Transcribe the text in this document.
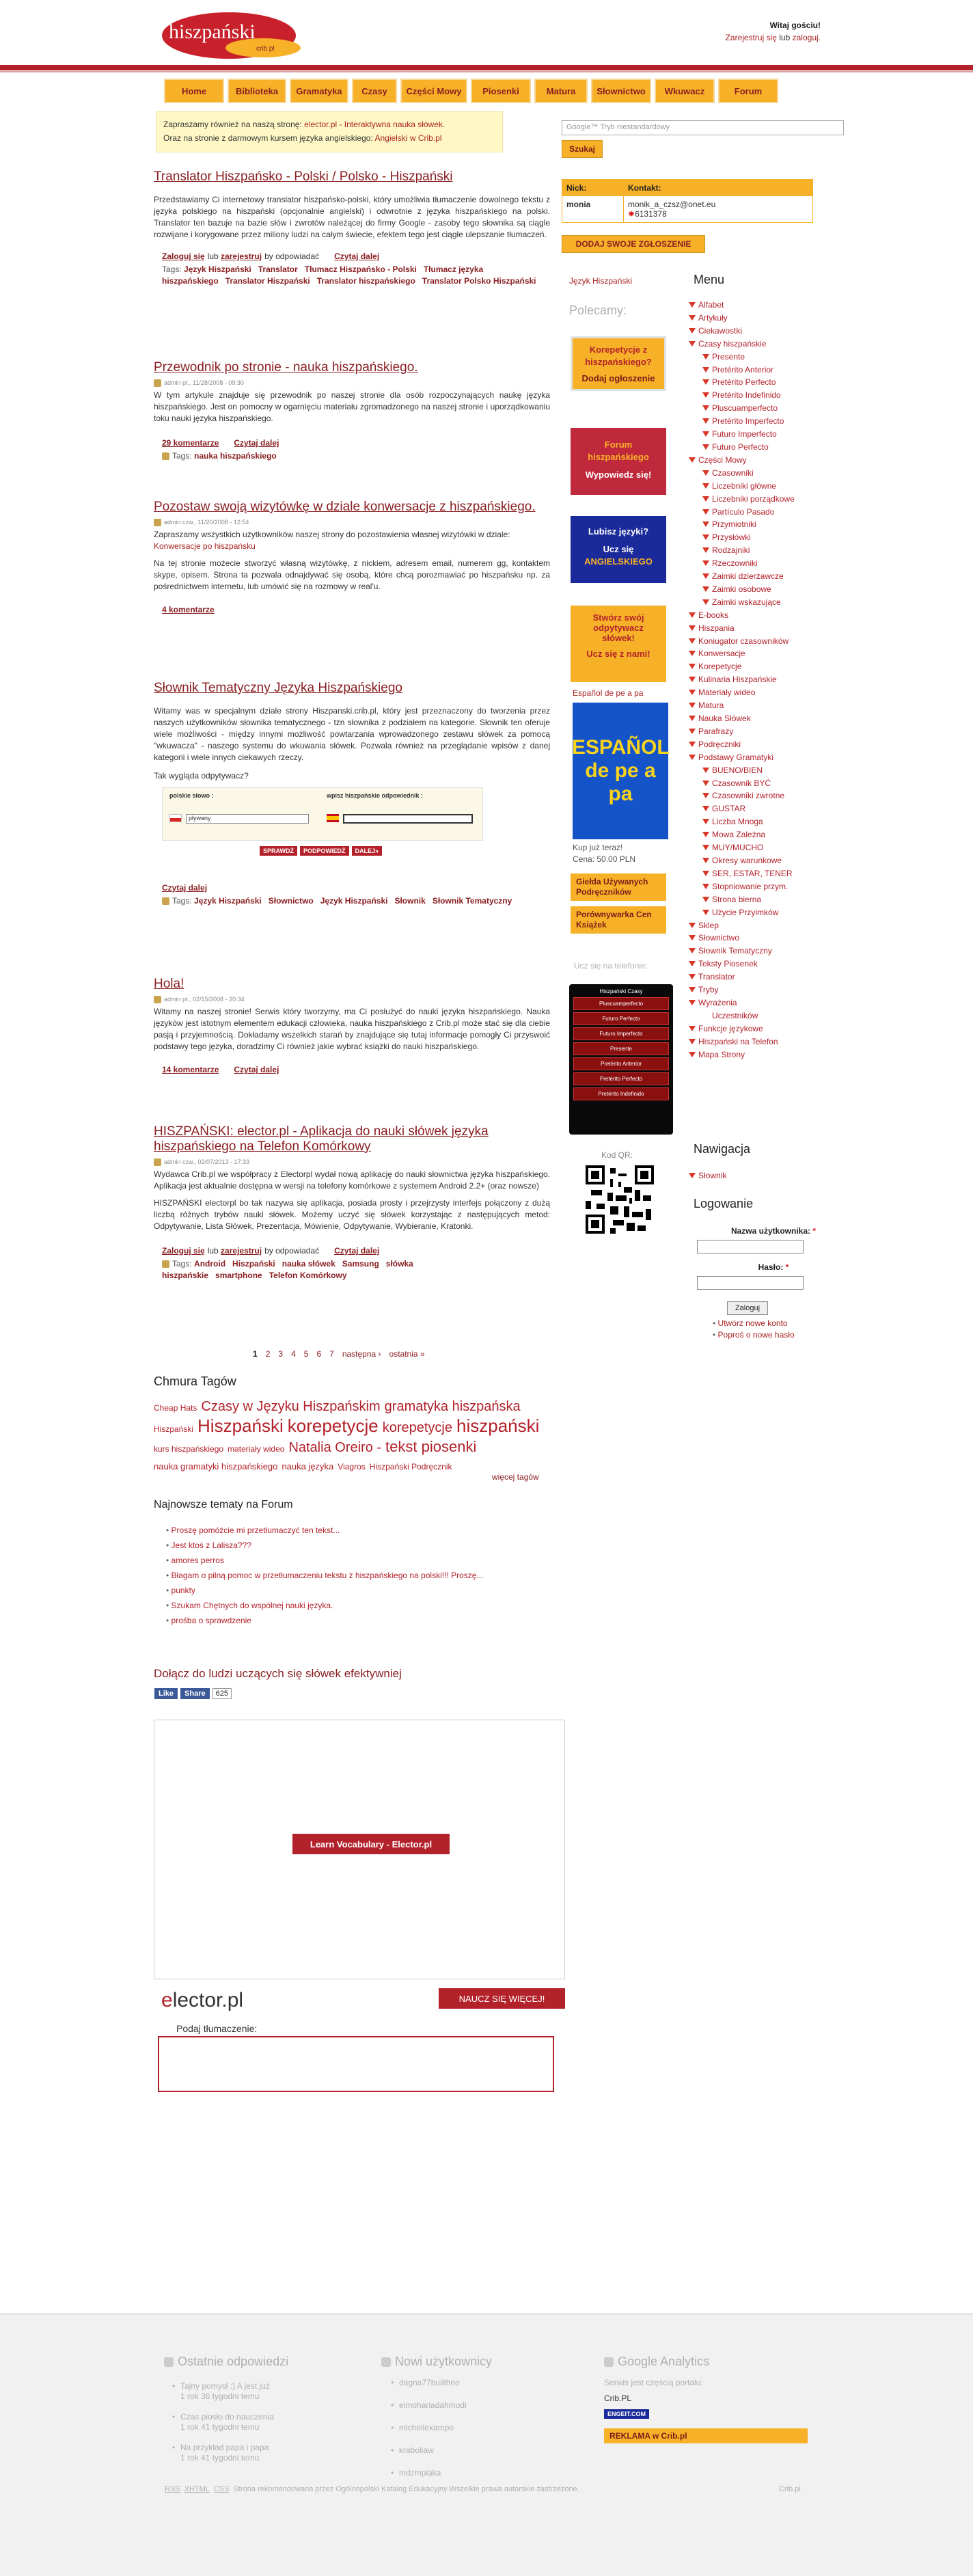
hiszpański
crib.pl
Witaj gościu!
Zarejestruj się lub zaloguj.
Home	Biblioteka	Gramatyka	Czasy	Części Mowy	Piosenki	Matura	Słownictwo	Wkuwacz	Forum
Zapraszamy również na naszą stronę: elector.pl - Interaktywna nauka słówek.
Oraz na stronie z darmowym kursem języka angielskiego: Angielski w Crib.pl
Google™ Tryb niestandardowy
Szukaj
Nick:	Kontakt:
monia	monik_a_czsz@onet.eu
✸6131378
DODAJ SWOJE ZGŁOSZENIE
Translator Hiszpańsko - Polski / Polsko - Hiszpański

Przedstawiamy Ci internetowy translator hiszpańsko-polski, który umożliwia tłumaczenie dowolnego tekstu z języka polskiego na hiszpański (opcjonalnie angielski) i odwrotnie z języka hiszpańskiego na polski. Translator ten bazuje na bazie słów i zwrotów należącej do firmy Google - zasoby tego słownika są ciągle rozwijane i korygowane przez miliony ludzi na całym świecie, efektem tego jest ciągłe ulepszanie tłumaczeń.

Zaloguj się lub zarejestruj by odpowiadać Czytaj dalej
Tags: Język Hiszpański Translator Tłumacz Hiszpańsko - Polski Tłumacz języka hiszpańskiego Translator Hiszpański Translator hiszpańskiego Translator Polsko Hiszpański
Przewodnik po stronie - nauka hiszpańskiego.
admin pt., 11/28/2008 - 09:30

W tym artykule znajduje się przewodnik po naszej stronie dla osób rozpoczynających naukę języka hiszpańskiego. Jest on pomocny w ogarnięciu materiału zgromadzonego na naszej stronie i uporządkowaniu toku nauki języka hiszpańskiego.

29 komentarze Czytaj dalej
Tags: nauka hiszpańskiego
Pozostaw swoją wizytówkę w dziale konwersacje z hiszpańskiego.
admin czw., 11/20/2008 - 12:54

Zapraszamy wszystkich użytkowników naszej strony do pozostawienia własnej wizytówki w dziale:

Konwersacje po hiszpańsku

Na tej stronie możecie stworzyć własną wizytówkę, z nickiem, adresem email, numerem gg, kontaktem skype, opisem. Strona ta pozwala odnajdywać się osobą, które chcą porozmawiać po hiszpańsku np. za pośrednictwem internetu, lub umówić się na rozmowy w real'u.

4 komentarze
Słownik Tematyczny Języka Hiszpańskiego

Witamy was w specjalnym dziale strony Hiszpanski.crib.pl, który jest przeznaczony do tworzenia przez naszych użytkowników słownika tematycznego - tzn słownika z podziałem na kategorie. Słownik ten oferuje wiele możliwości - między innymi możliwość powtarzania wprowadzonego zestawu słówek za pomocą "wkuwacza" - naszego systemu do wkuwania słówek. Pozwala również na przeglądanie wpisów z danej kategorii i wiele innych ciekawych rzeczy.

Tak wygląda odpytywacz?

polskie słowo :	wpisz hiszpańskie odpowiednik :
pływany
SPRAWDŹ	PODPOWIEDŹ	DALEJ»
Czytaj dalej
Tags: Język Hiszpański Słownictwo Język Hiszpański Słownik Słownik Tematyczny
Hola!
admin pt., 02/15/2008 - 20:34

Witamy na naszej stronie! Serwis który tworzymy, ma Ci posłużyć do nauki języka hiszpańskiego. Nauka języków jest istotnym elementem edukacji człowieka, nauka hiszpańskiego z Crib.pl może stać się dla ciebie pasją i przyjemnością. Dokładamy wszelkich starań by znajdujące się tutaj informacje pomogły Ci przyswoić podstawy tego języka, doradzimy Ci również jakie wybrać książki do nauki hiszpańskiego.

14 komentarze Czytaj dalej
HISZPAŃSKI: elector.pl - Aplikacja do nauki słówek języka hiszpańskiego na Telefon Komórkowy
admin czw., 02/07/2013 - 17:33

Wydawca Crib.pl we współpracy z Electorpl wydał nową aplikację do nauki słownictwa języka hiszpańskiego. Aplikacja jest aktualnie dostępna w wersji na telefony komórkowe z systemem Android 2.2+ (oraz nowsze)

HISZPAŃSKI electorpl bo tak nazywa się aplikacja, posiada prosty i przejrzysty interfejs połączony z dużą liczbą różnych trybów nauki słówek. Możemy uczyć się słówek korzystając z następujących metod: Odpytywanie, Lista Słówek, Prezentacja, Mówienie, Odpytywanie, Wybieranie, Kratonki.

Zaloguj się lub zarejestruj by odpowiadać Czytaj dalej
Tags: Android Hiszpański nauka słówek Samsung słówka hiszpańskie smartphone Telefon Komórkowy
1 2 3 4 5 6 7 następna › ostatnia »
Chmura Tagów
Cheap Hats Czasy w Języku Hiszpańskim gramatyka hiszpańskaHiszpański Hiszpański korepetycje korepetycje hiszpańskikurs hiszpańskiego materiały wideo Natalia Oreiro - tekst piosenkinauka gramatyki hiszpańskiego nauka języka Viagros Hiszpański Podręcznik
więcej tagów
Najnowsze tematy na Forum
• Proszę pomóżcie mi przetłumaczyć ten tekst...
• Jest ktoś z Lalisza???
• amores perros
• Błagam o pilną pomoc w przetłumaczeniu tekstu z hiszpańskiego na polski!!! Proszę...
• punkty
• Szukam Chętnych do wspólnej nauki języka.
• prośba o sprawdzenie
Dołącz do ludzi uczących się słówek efektywniej
Like	Share	625
Learn Vocabulary - Elector.pl
elector.pl	NAUCZ SIĘ WIĘCEJ!
Podaj tłumaczenie:
Język Hiszpański
Polecamy:
Korepetycje z hiszpańskiego?
Dodaj ogłoszenie
Forum hiszpańskiego
Wypowiedz się!
Lubisz języki?
Ucz się
ANGIELSKIEGO
Stwórz swój odpytywacz słówek!
Ucz się z nami!
Español de pe a pa
ESPAÑOL de pe a pa
Kup już teraz!
Cena: 50.00 PLN
Giełda Używanych Podręczników
Porównywarka Cen Książek
Ucz się na telefonie:
Hiszpański Czasy
Pluscuamperfecto
Futuro Perfecto
Futuro Imperfecto
Presente
Pretérito Anterior
Pretérito Perfecto
Pretérito Indefinido
Kod QR:
Menu
Alfabet
Artykuły
Ciekawostki
Czasy hiszpańskie
Presente
Pretérito Anterior
Pretérito Perfecto
Pretérito Indefinido
Pluscuamperfecto
Pretérito Imperfecto
Futuro Imperfecto
Futuro Perfecto
Części Mowy
Czasowniki
Liczebniki główne
Liczebniki porządkowe
Partículo Pasado
Przymiotniki
Przysłówki
Rodzajniki
Rzeczowniki
Zaimki dzierżawcze
Zaimki osobowe
Zaimki wskazujące
E-books
Hiszpania
Koniugator czasowników
Konwersacje
Korepetycje
Kulinaria Hiszpańskie
Materiały wideo
Matura
Nauka Słówek
Parafrazy
Podręczniki
Podstawy Gramatyki
BUENO/BIEN
Czasownik BYĆ
Czasowniki zwrotne
GUSTAR
Liczba Mnoga
Mowa Zależna
MUY/MUCHO
Okresy warunkowe
SER, ESTAR, TENER
Stopniowanie przym.
Strona bierna
Użycie Przyimków
Sklep
Słownictwo
Słownik Tematyczny
Teksty Piosenek
Translator
Tryby
Wyrażenia
Uczestników
Funkcje językowe
Hiszpański na Telefon
Mapa Strony
Nawigacja
Słownik
Logowanie
Nazwa użytkownika: *
Hasło: *
Zaloguj
• Utwórz nowe konto
• Poproś o nowe hasło
Ostatnie odpowiedzi	Nowi użytkownicy	Google Analytics
Tajny pomysł :) A jest już
1 rok 36 tygodni temu
•
Czas piosło do nauczenia
1 rok 41 tygodni temu
•
Na przykład papa i papa
1 rok 41 tygodni temu
•
dagna77builthno
•
elmohariadahmodi
•
michellexampo
•
kraboliaw
•
mdzmplaka
•
Serwis jest częścią portalu:
Crib.PL
ENGEIT.COM
REKLAMA w Crib.pl
RSS XHTML CSS Strona rekomendowana przez Ogólnopolski Katalog Edukacyjny Wszelkie prawa autorskie zastrzeżone.	Crib.pl
